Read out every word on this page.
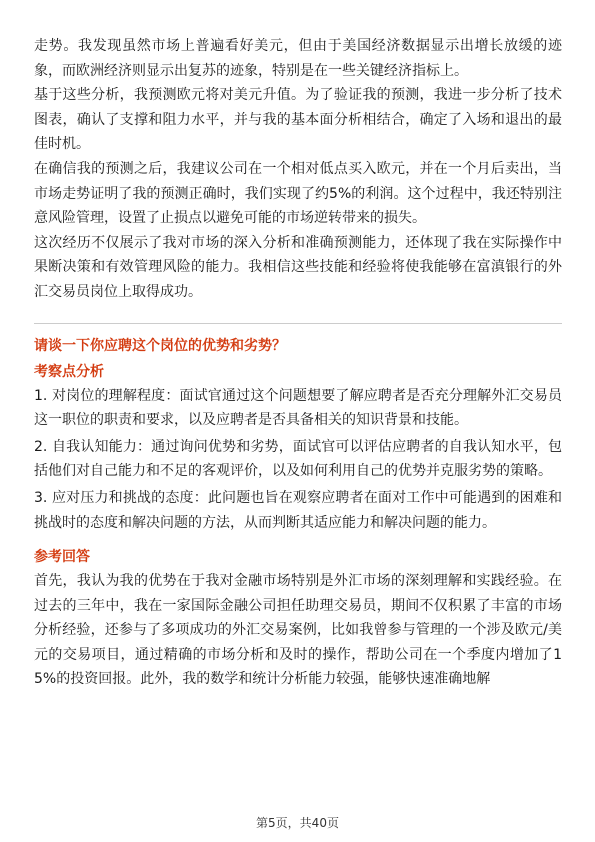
走势。我发现虽然市场上普遍看好美元，但由于美国经济数据显示出增长放缓的迹象，而欧洲经济则显示出复苏的迹象，特别是在一些关键经济指标上。

基于这些分析，我预测欧元将对美元升值。为了验证我的预测，我进一步分析了技术图表，确认了支撑和阻力水平，并与我的基本面分析相结合，确定了入场和退出的最佳时机。

在确信我的预测之后，我建议公司在一个相对低点买入欧元，并在一个月后卖出，当市场走势证明了我的预测正确时，我们实现了约5%的利润。这个过程中，我还特别注意风险管理，设置了止损点以避免可能的市场逆转带来的损失。

这次经历不仅展示了我对市场的深入分析和准确预测能力，还体现了我在实际操作中果断决策和有效管理风险的能力。我相信这些技能和经验将使我能够在富滇银行的外汇交易员岗位上取得成功。

请谈一下你应聘这个岗位的优势和劣势？

考察点分析

1. 对岗位的理解程度：面试官通过这个问题想要了解应聘者是否充分理解外汇交易员这一职位的职责和要求，以及应聘者是否具备相关的知识背景和技能。

2. 自我认知能力：通过询问优势和劣势，面试官可以评估应聘者的自我认知水平，包括他们对自己能力和不足的客观评价，以及如何利用自己的优势并克服劣势的策略。

3. 应对压力和挑战的态度：此问题也旨在观察应聘者在面对工作中可能遇到的困难和挑战时的态度和解决问题的方法，从而判断其适应能力和解决问题的能力。

参考回答

首先，我认为我的优势在于我对金融市场特别是外汇市场的深刻理解和实践经验。在过去的三年中，我在一家国际金融公司担任助理交易员，期间不仅积累了丰富的市场分析经验，还参与了多项成功的外汇交易案例，比如我曾参与管理的一个涉及欧元/美元的交易项目，通过精确的市场分析和及时的操作，帮助公司在一个季度内增加了15%的投资回报。此外，我的数学和统计分析能力较强，能够快速准确地解

第5页，共40页
